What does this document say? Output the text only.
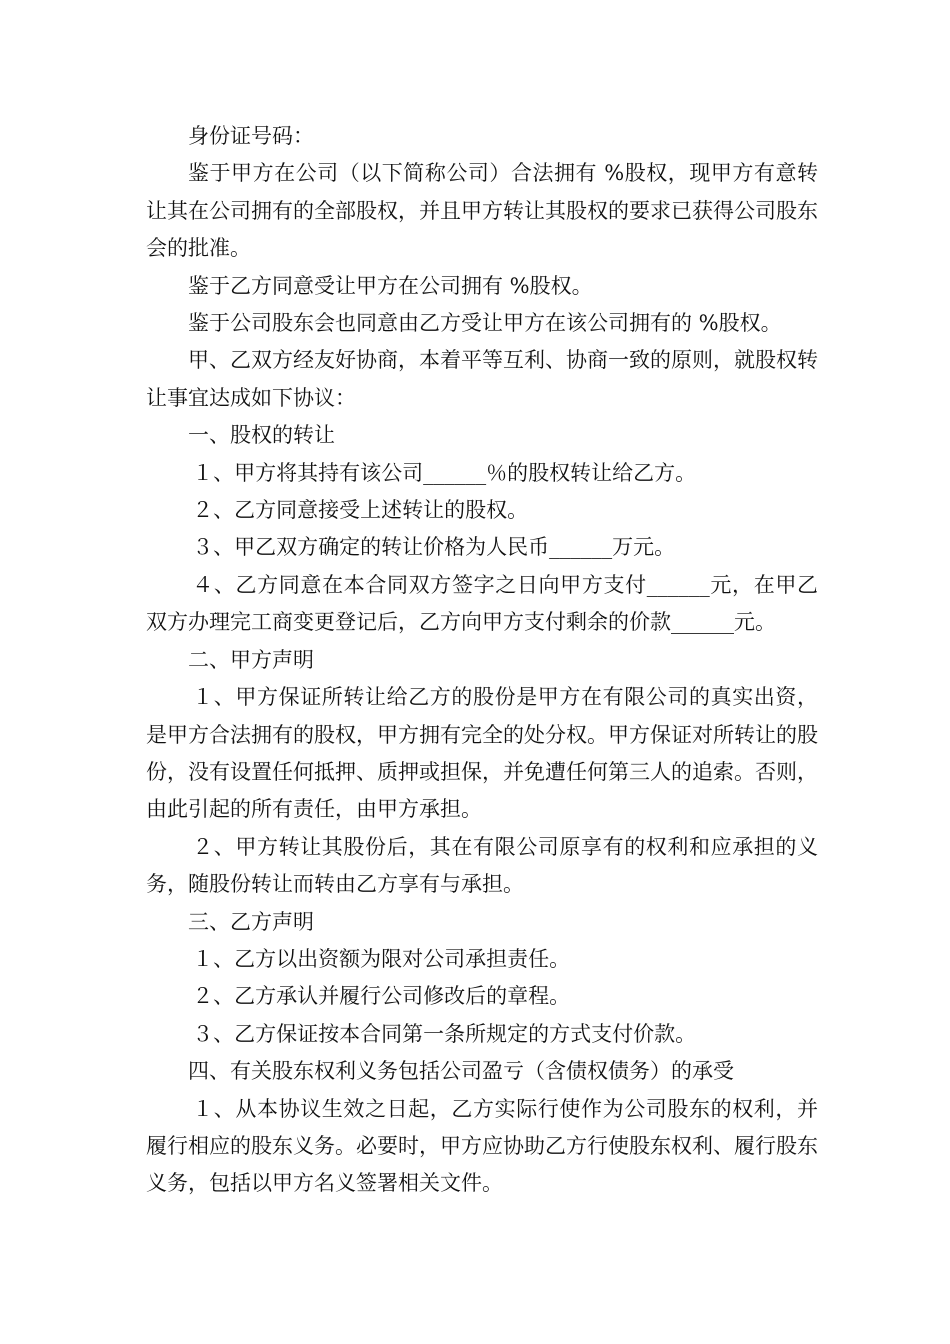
身份证号码：

鉴于甲方在公司（以下简称公司）合法拥有 %股权，现甲方有意转让其在公司拥有的全部股权，并且甲方转让其股权的要求已获得公司股东会的批准。

鉴于乙方同意受让甲方在公司拥有 %股权。

鉴于公司股东会也同意由乙方受让甲方在该公司拥有的 %股权。

甲、乙双方经友好协商，本着平等互利、协商一致的原则，就股权转让事宜达成如下协议：

一、股权的转让

１、甲方将其持有该公司______％的股权转让给乙方。

２、乙方同意接受上述转让的股权。

３、甲乙双方确定的转让价格为人民币______万元。

４、乙方同意在本合同双方签字之日向甲方支付______元，在甲乙双方办理完工商变更登记后，乙方向甲方支付剩余的价款______元。

二、甲方声明

１、甲方保证所转让给乙方的股份是甲方在有限公司的真实出资，是甲方合法拥有的股权，甲方拥有完全的处分权。甲方保证对所转让的股份，没有设置任何抵押、质押或担保，并免遭任何第三人的追索。否则，由此引起的所有责任，由甲方承担。

２、甲方转让其股份后，其在有限公司原享有的权利和应承担的义务，随股份转让而转由乙方享有与承担。

三、乙方声明

１、乙方以出资额为限对公司承担责任。

２、乙方承认并履行公司修改后的章程。

３、乙方保证按本合同第一条所规定的方式支付价款。

四、有关股东权利义务包括公司盈亏（含债权债务）的承受

１、从本协议生效之日起，乙方实际行使作为公司股东的权利，并履行相应的股东义务。必要时，甲方应协助乙方行使股东权利、履行股东义务，包括以甲方名义签署相关文件。
